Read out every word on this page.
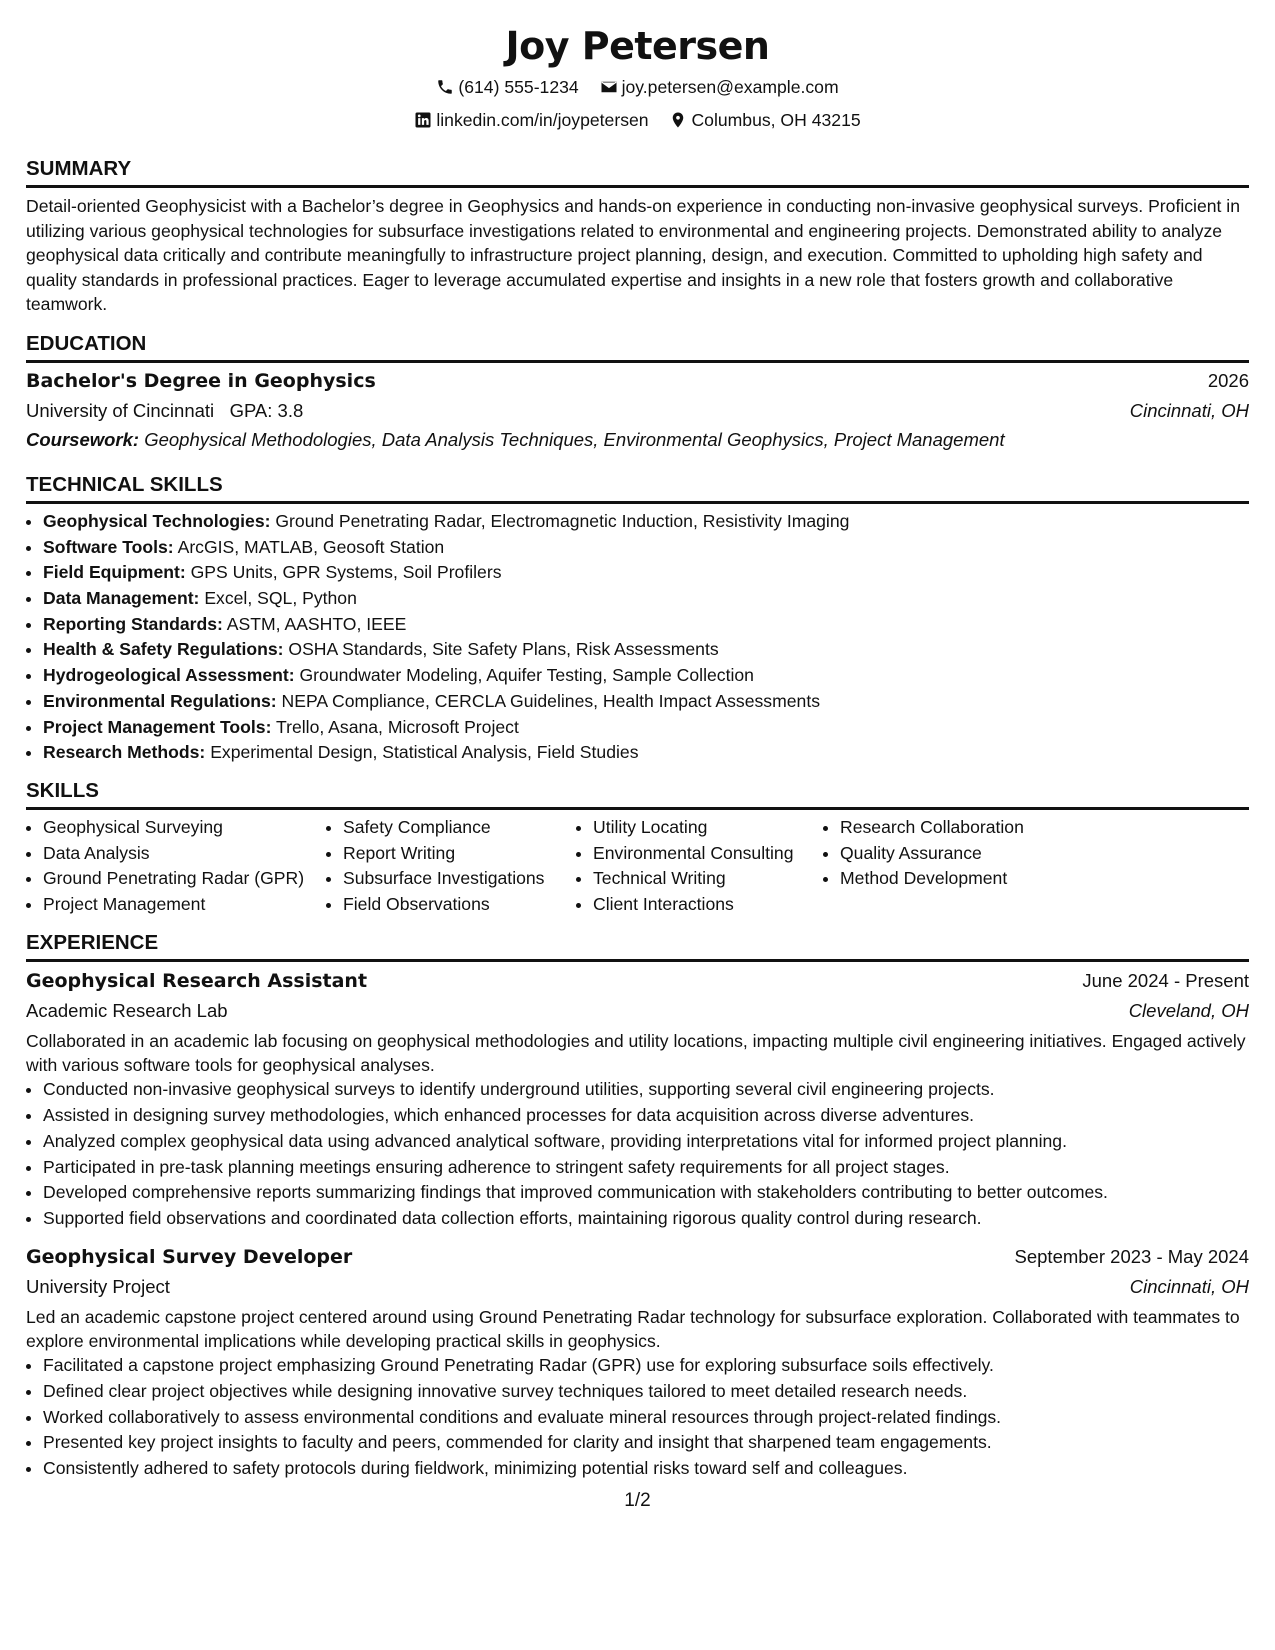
Joy Petersen
(614) 555-1234
joy.petersen@example.com
linkedin.com/in/joypetersen
Columbus, OH 43215
SUMMARY

Detail-oriented Geophysicist with a Bachelor’s degree in Geophysics and hands-on experience in conducting non-invasive geophysical surveys. Proficient in utilizing various geophysical technologies for subsurface investigations related to environmental and engineering projects. Demonstrated ability to analyze geophysical data critically and contribute meaningfully to infrastructure project planning, design, and execution. Committed to upholding high safety and quality standards in professional practices. Eager to leverage accumulated expertise and insights in a new role that fosters growth and collaborative teamwork.

EDUCATION
Bachelor's Degree in Geophysics	2026
University of Cincinnati GPA: 3.8	Cincinnati, OH
Coursework: Geophysical Methodologies, Data Analysis Techniques, Environmental Geophysics, Project Management
TECHNICAL SKILLS
• Geophysical Technologies: Ground Penetrating Radar, Electromagnetic Induction, Resistivity Imaging
• Software Tools: ArcGIS, MATLAB, Geosoft Station
• Field Equipment: GPS Units, GPR Systems, Soil Profilers
• Data Management: Excel, SQL, Python
• Reporting Standards: ASTM, AASHTO, IEEE
• Health & Safety Regulations: OSHA Standards, Site Safety Plans, Risk Assessments
• Hydrogeological Assessment: Groundwater Modeling, Aquifer Testing, Sample Collection
• Environmental Regulations: NEPA Compliance, CERCLA Guidelines, Health Impact Assessments
• Project Management Tools: Trello, Asana, Microsoft Project
• Research Methods: Experimental Design, Statistical Analysis, Field Studies
SKILLS
• Geophysical Surveying
• Data Analysis
• Ground Penetrating Radar (GPR)
• Project Management
• Safety Compliance
• Report Writing
• Subsurface Investigations
• Field Observations
• Utility Locating
• Environmental Consulting
• Technical Writing
• Client Interactions
• Research Collaboration
• Quality Assurance
• Method Development
EXPERIENCE
Geophysical Research Assistant	June 2024 - Present
Academic Research Lab	Cleveland, OH

Collaborated in an academic lab focusing on geophysical methodologies and utility locations, impacting multiple civil engineering initiatives. Engaged actively with various software tools for geophysical analyses.

• Conducted non-invasive geophysical surveys to identify underground utilities, supporting several civil engineering projects.
• Assisted in designing survey methodologies, which enhanced processes for data acquisition across diverse adventures.
• Analyzed complex geophysical data using advanced analytical software, providing interpretations vital for informed project planning.
• Participated in pre-task planning meetings ensuring adherence to stringent safety requirements for all project stages.
• Developed comprehensive reports summarizing findings that improved communication with stakeholders contributing to better outcomes.
• Supported field observations and coordinated data collection efforts, maintaining rigorous quality control during research.
Geophysical Survey Developer	September 2023 - May 2024
University Project	Cincinnati, OH

Led an academic capstone project centered around using Ground Penetrating Radar technology for subsurface exploration. Collaborated with teammates to explore environmental implications while developing practical skills in geophysics.

• Facilitated a capstone project emphasizing Ground Penetrating Radar (GPR) use for exploring subsurface soils effectively.
• Defined clear project objectives while designing innovative survey techniques tailored to meet detailed research needs.
• Worked collaboratively to assess environmental conditions and evaluate mineral resources through project-related findings.
• Presented key project insights to faculty and peers, commended for clarity and insight that sharpened team engagements.
• Consistently adhered to safety protocols during fieldwork, minimizing potential risks toward self and colleagues.
1/2
